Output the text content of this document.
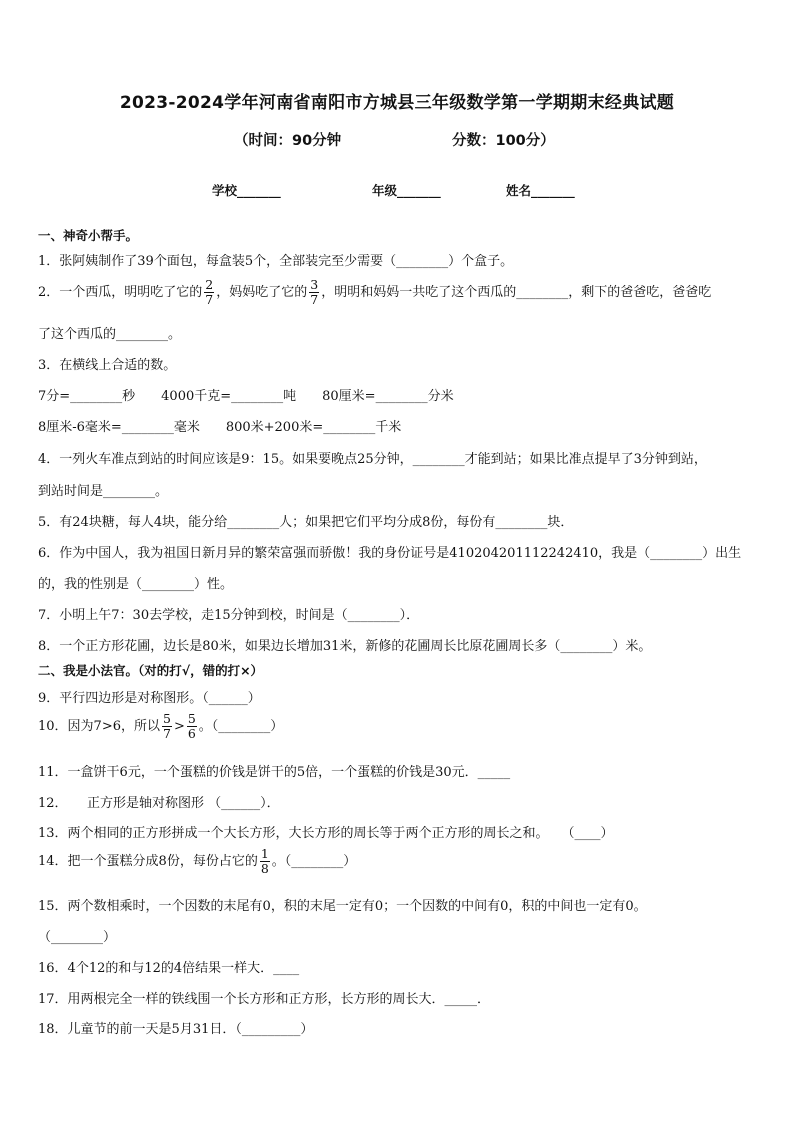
2023-2024学年河南省南阳市方城县三年级数学第一学期期末经典试题
（时间：90分钟	分数：100分）
学校_______	年级_______	姓名_______
一、神奇小帮手。
1．张阿姨制作了39个面包，每盒装5个，全部装完至少需要（________）个盒子。
2．一个西瓜，明明吃了它的 $\frac{2}{7}$ ，妈妈吃了它的 $\frac{3}{7}$ ，明明和妈妈一共吃了这个西瓜的________，剩下的爸爸吃，爸爸吃
了这个西瓜的________。
3．在横线上合适的数。
7分=________秒　　4000千克=________吨　　80厘米=________分米
8厘米-6毫米=________毫米　　800米+200米=________千米
4．一列火车准点到站的时间应该是9：15。如果要晚点25分钟，________才能到站；如果比准点提早了3分钟到站，
到站时间是________。
5．有24块糖，每人4块，能分给________人；如果把它们平均分成8份，每份有________块．
6．作为中国人，我为祖国日新月异的繁荣富强而骄傲！我的身份证号是410204201112242410，我是（________）出生
的，我的性别是（________）性。
7．小明上午7：30去学校，走15分钟到校，时间是（________）．
8．一个正方形花圃，边长是80米，如果边长增加31米，新修的花圃周长比原花圃周长多（________）米。
二、我是小法官。（对的打√，错的打×）
9．平行四边形是对称图形。（______）
10．因为7>6，所以 $\frac{5}{7} > \frac{5}{6}$ 。（________）
11．一盒饼干6元，一个蛋糕的价钱是饼干的5倍，一个蛋糕的价钱是30元．_____
12．　　正方形是轴对称图形 （______）．
13．两个相同的正方形拼成一个大长方形，大长方形的周长等于两个正方形的周长之和。　　（____）
14．把一个蛋糕分成8份，每份占它的 $\frac{1}{8}$ 。（________）
15．两个数相乘时，一个因数的末尾有0，积的末尾一定有0；一个因数的中间有0，积的中间也一定有0。
（________）
16．4个12的和与12的4倍结果一样大．____
17．用两根完全一样的铁线围一个长方形和正方形，长方形的周长大．_____．
18．儿童节的前一天是5月31日．（_________）
